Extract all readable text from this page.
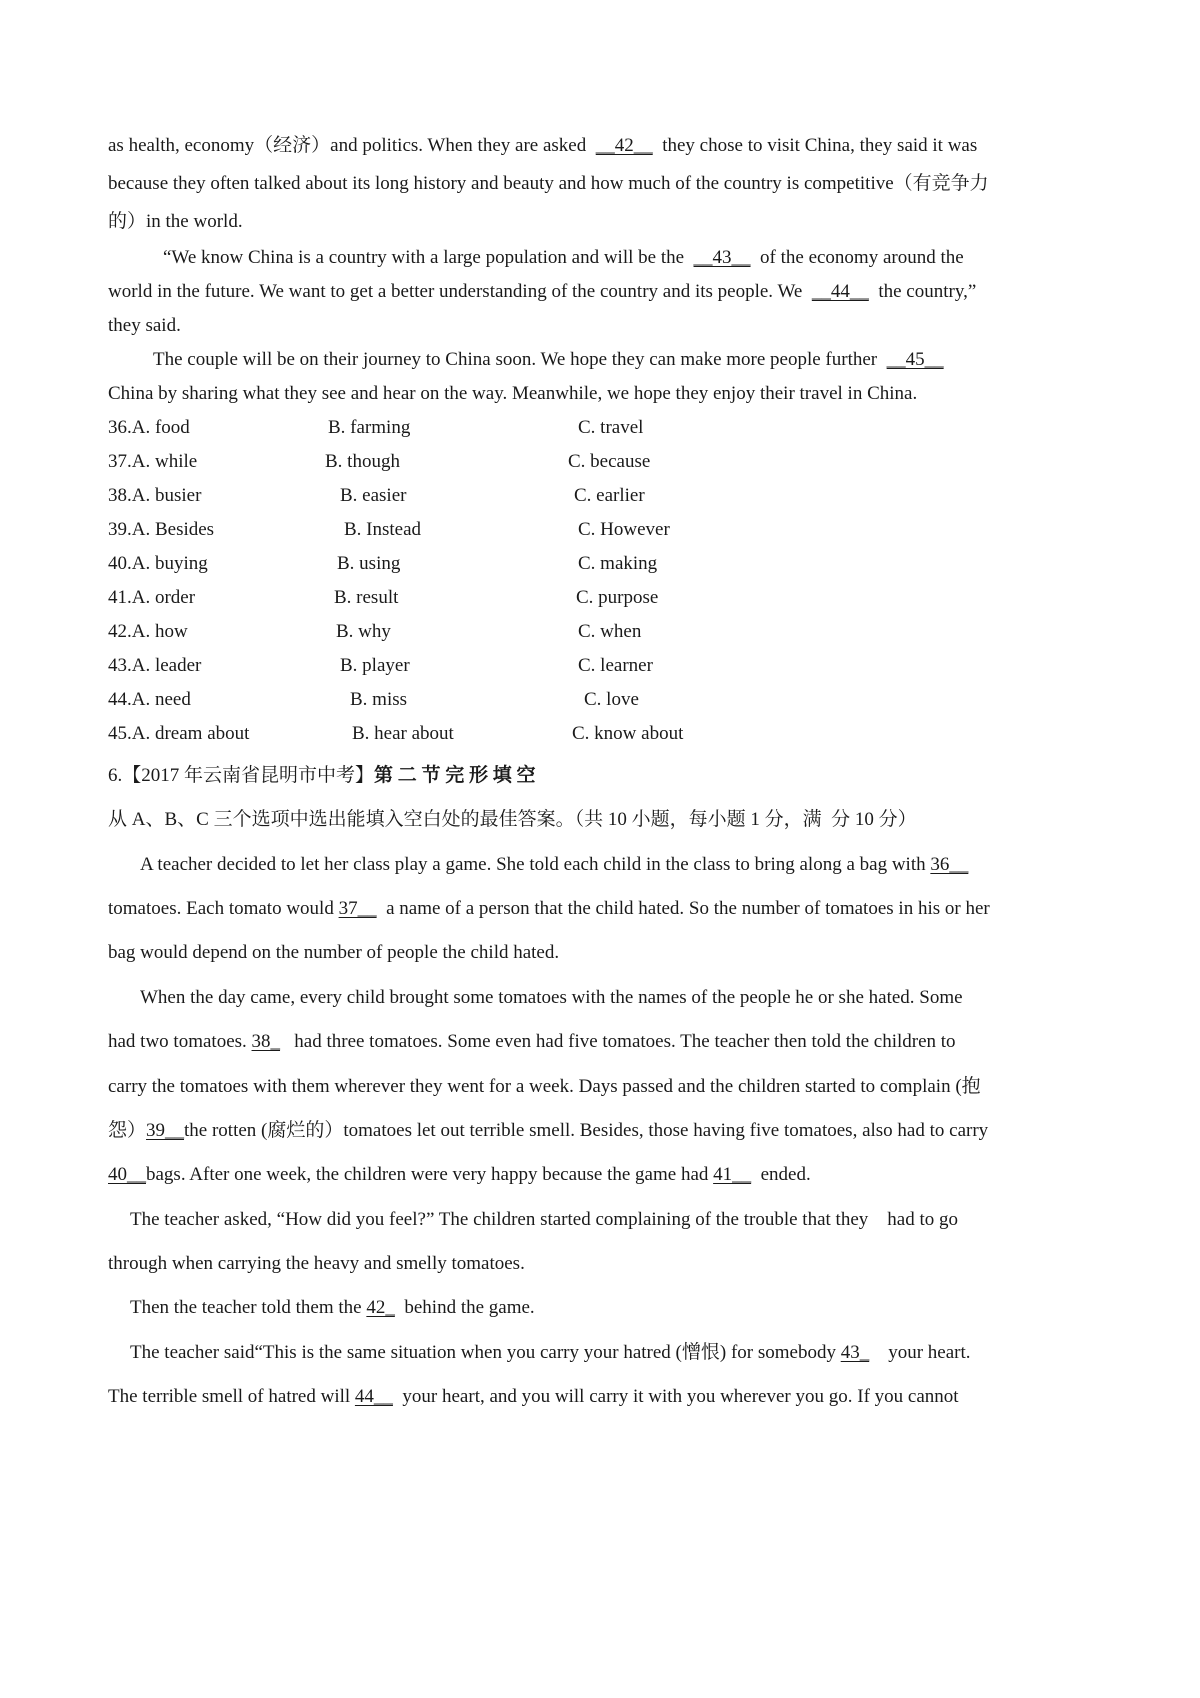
as health, economy（经济）and politics. When they are asked  __42__  they chose to visit China, they said it was
because they often talked about its long history and beauty and how much of the country is competitive（有竞争力
的）in the world.
“We know China is a country with a large population and will be the  __43__  of the economy around the
world in the future. We want to get a better understanding of the country and its people. We  __44__  the country,”
they said.
The couple will be on their journey to China soon. We hope they can make more people further  __45__
China by sharing what they see and hear on the way. Meanwhile, we hope they enjoy their travel in China.
36.A. food	B. farming	C. travel
37.A. while	B. though	C. because
38.A. busier	B. easier	C. earlier
39.A. Besides	B. Instead	C. However
40.A. buying	B. using	C. making
41.A. order	B. result	C. purpose
42.A. how	B. why	C. when
43.A. leader	B. player	C. learner
44.A. need	B. miss	C. love
45.A. dream about	B. hear about	C. know about
6.【2017 年云南省昆明市中考】第 二 节 完 形 填 空
从 A、B、C 三个选项中选出能填入空白处的最佳答案。（共 10 小题，每小题 1 分，满  分 10 分）
A teacher decided to let her class play a game. She told each child in the class to bring along a bag with 36__
tomatoes. Each tomato would 37__  a name of a person that the child hated. So the number of tomatoes in his or her
bag would depend on the number of people the child hated.
When the day came, every child brought some tomatoes with the names of the people he or she hated. Some
had two tomatoes. 38_   had three tomatoes. Some even had five tomatoes. The teacher then told the children to
carry the tomatoes with them wherever they went for a week. Days passed and the children started to complain (抱
怨）39__the rotten (腐烂的）tomatoes let out terrible smell. Besides, those having five tomatoes, also had to carry
40__bags. After one week, the children were very happy because the game had 41__  ended.
The teacher asked, “How did you feel?” The children started complaining of the trouble that they    had to go
through when carrying the heavy and smelly tomatoes.
Then the teacher told them the 42_  behind the game.
The teacher said“This is the same situation when you carry your hatred (憎恨) for somebody 43_    your heart.
The terrible smell of hatred will 44__  your heart, and you will carry it with you wherever you go. If you cannot
